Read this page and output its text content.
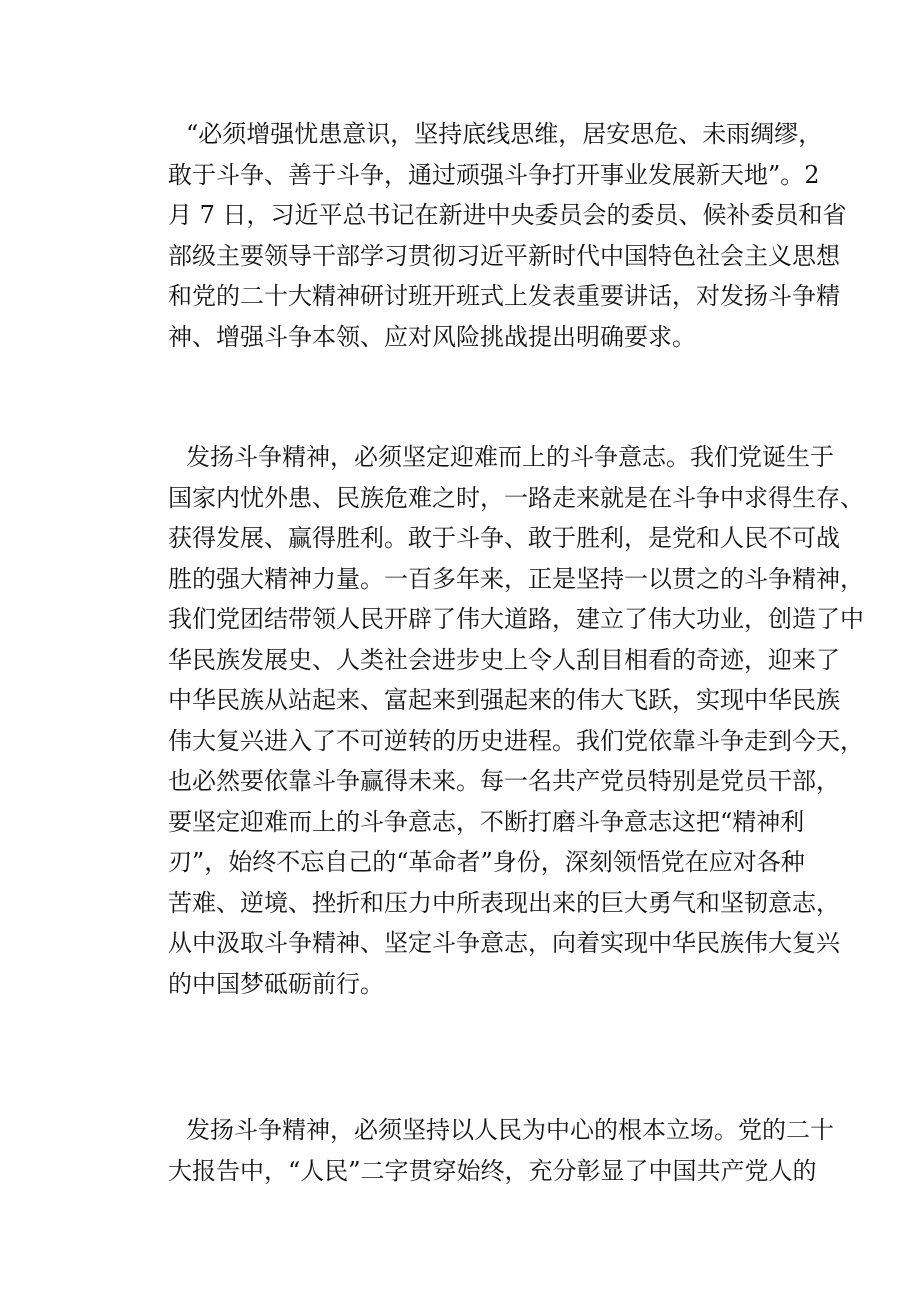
“必须增强忧患意识，坚持底线思维，居安思危、未雨绸缪，
敢于斗争、善于斗争，通过顽强斗争打开事业发展新天地”。2
月 7 日，习近平总书记在新进中央委员会的委员、候补委员和省
部级主要领导干部学习贯彻习近平新时代中国特色社会主义思想
和党的二十大精神研讨班开班式上发表重要讲话，对发扬斗争精
神、增强斗争本领、应对风险挑战提出明确要求。
发扬斗争精神，必须坚定迎难而上的斗争意志。我们党诞生于
国家内忧外患、民族危难之时，一路走来就是在斗争中求得生存、
获得发展、赢得胜利。敢于斗争、敢于胜利，是党和人民不可战
胜的强大精神力量。一百多年来，正是坚持一以贯之的斗争精神，
我们党团结带领人民开辟了伟大道路，建立了伟大功业，创造了中
华民族发展史、人类社会进步史上令人刮目相看的奇迹，迎来了
中华民族从站起来、富起来到强起来的伟大飞跃，实现中华民族
伟大复兴进入了不可逆转的历史进程。我们党依靠斗争走到今天，
也必然要依靠斗争赢得未来。每一名共产党员特别是党员干部，
要坚定迎难而上的斗争意志，不断打磨斗争意志这把“精神利
刃”，始终不忘自己的“革命者”身份，深刻领悟党在应对各种
苦难、逆境、挫折和压力中所表现出来的巨大勇气和坚韧意志，
从中汲取斗争精神、坚定斗争意志，向着实现中华民族伟大复兴
的中国梦砥砺前行。
发扬斗争精神，必须坚持以人民为中心的根本立场。党的二十
大报告中，“人民”二字贯穿始终，充分彰显了中国共产党人的
